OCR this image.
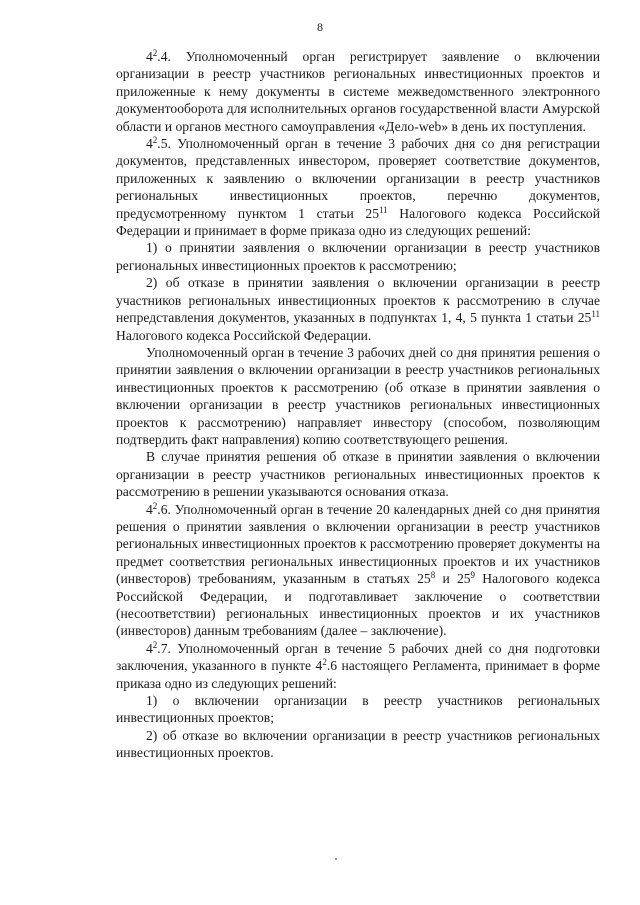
8

$4^2.4$. Уполномоченный орган регистрирует заявление о включении организации в реестр участников региональных инвестиционных проектов и приложенные к нему документы в системе межведомственного электронного документооборота для исполнительных органов государственной власти Амурской области и органов местного самоуправления «Дело-web» в день их поступления.

$4^2.5$. Уполномоченный орган в течение 3 рабочих дня со дня регистрации документов, представленных инвестором, проверяет соответствие документов, приложенных к заявлению о включении организации в реестр участников региональных инвестиционных проектов, перечню документов, предусмотренному пунктом 1 статьи $25^{11}$ Налогового кодекса Российской Федерации и принимает в форме приказа одно из следующих решений:

1) о принятии заявления о включении организации в реестр участников региональных инвестиционных проектов к рассмотрению;

2) об отказе в принятии заявления о включении организации в реестр участников региональных инвестиционных проектов к рассмотрению в случае непредставления документов, указанных в подпунктах 1, 4, 5 пункта 1 статьи $25^{11}$ Налогового кодекса Российской Федерации.

Уполномоченный орган в течение 3 рабочих дней со дня принятия решения о принятии заявления о включении организации в реестр участников региональных инвестиционных проектов к рассмотрению (об отказе в принятии заявления о включении организации в реестр участников региональных инвестиционных проектов к рассмотрению) направляет инвестору (способом, позволяющим подтвердить факт направления) копию соответствующего решения.

В случае принятия решения об отказе в принятии заявления о включении организации в реестр участников региональных инвестиционных проектов к рассмотрению в решении указываются основания отказа.

$4^2.6$. Уполномоченный орган в течение 20 календарных дней со дня принятия решения о принятии заявления о включении организации в реестр участников региональных инвестиционных проектов к рассмотрению проверяет документы на предмет соответствия региональных инвестиционных проектов и их участников (инвесторов) требованиям, указанным в статьях $25^8$ и $25^9$ Налогового кодекса Российской Федерации, и подготавливает заключение о соответствии (несоответствии) региональных инвестиционных проектов и их участников (инвесторов) данным требованиям (далее – заключение).

$4^2.7$. Уполномоченный орган в течение 5 рабочих дней со дня подготовки заключения, указанного в пункте $4^2.6$ настоящего Регламента, принимает в форме приказа одно из следующих решений:

1) о включении организации в реестр участников региональных инвестиционных проектов;

2) об отказе во включении организации в реестр участников региональных инвестиционных проектов.
